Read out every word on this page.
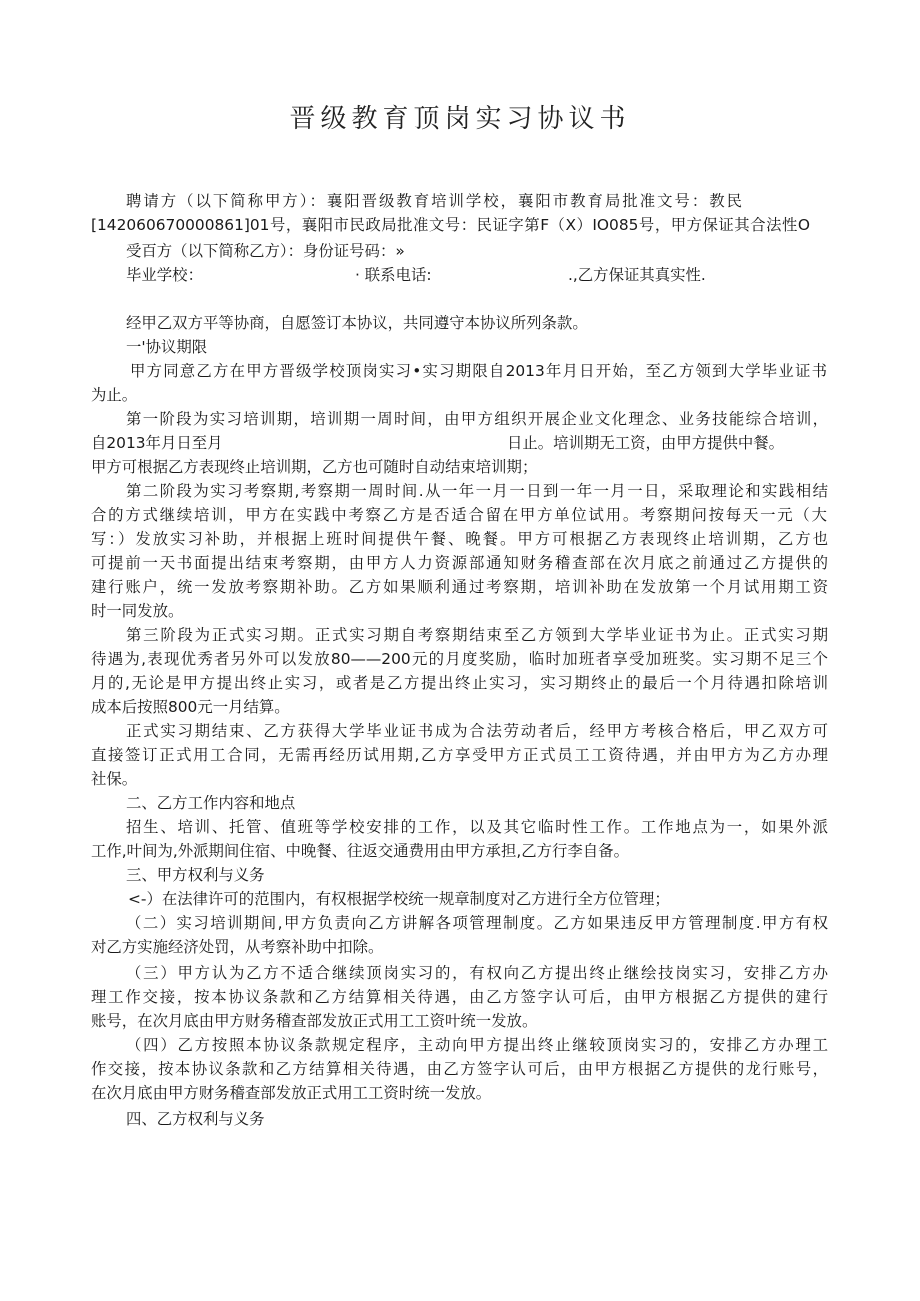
晋级教育顶岗实习协议书
聘请方（以下简称甲方）：襄阳晋级教育培训学校，襄阳市教育局批准文号：教民
[142060670000861]01号，襄阳市民政局批准文号：民证字第F（X）IO085号，甲方保证其合法性O
受百方（以下简称乙方）：身份证号码：»
毕业学校：	· 联系电话:	.,乙方保证其真实性.
经甲乙双方平等协商，自愿签订本协议，共同遵守本协议所列条款。
一'协议期限
甲方同意乙方在甲方晋级学校顶岗实习•实习期限自2013年月日开始，至乙方领到大学毕业证书
为止。
第一阶段为实习培训期，培训期一周时间，由甲方组织开展企业文化理念、业务技能综合培训，
自2013年月日至月	日止。培训期无工资，由甲方提供中餐。
甲方可根据乙方表现终止培训期，乙方也可随时自动结束培训期；
第二阶段为实习考察期,考察期一周时间.从一年一月一日到一年一月一日，采取理论和实践相结
合的方式继续培训，甲方在实践中考察乙方是否适合留在甲方单位试用。考察期问按每天一元（大
写：）发放实习补助，并根据上班时间提供午餐、晚餐。甲方可根据乙方表现终止培训期，乙方也
可提前一天书面提出结束考察期，由甲方人力资源部通知财务稽查部在次月底之前通过乙方提供的
建行账户，统一发放考察期补助。乙方如果顺利通过考察期，培训补助在发放第一个月试用期工资
时一同发放。
第三阶段为正式实习期。正式实习期自考察期结束至乙方领到大学毕业证书为止。正式实习期
待遇为,表现优秀者另外可以发放80——200元的月度奖励，临时加班者享受加班奖。实习期不足三个
月的,无论是甲方提出终止实习，或者是乙方提出终止实习，实习期终止的最后一个月待遇扣除培训
成本后按照800元一月结算。
正式实习期结束、乙方获得大学毕业证书成为合法劳动者后，经甲方考核合格后，甲乙双方可
直接签订正式用工合同，无需再经历试用期,乙方享受甲方正式员工工资待遇，并由甲方为乙方办理
社保。
二、乙方工作内容和地点
招生、培训、托管、值班等学校安排的工作，以及其它临时性工作。工作地点为一，如果外派
工作,叶间为,外派期间住宿、中晚餐、往返交通费用由甲方承担,乙方行李自备。
三、甲方权利与义务
<-）在法律许可的范围内，有权根据学校统一规章制度对乙方进行全方位管理；
（二）实习培训期间,甲方负责向乙方讲解各项管理制度。乙方如果违反甲方管理制度.甲方有权
对乙方实施经济处罚，从考察补助中扣除。
（三）甲方认为乙方不适合继续顶岗实习的，有权向乙方提出终止继绘技岗实习，安排乙方办
理工作交接，按本协议条款和乙方结算相关待遇，由乙方签字认可后，由甲方根据乙方提供的建行
账号，在次月底由甲方财务稽查部发放正式用工工资叶统一发放。
（四）乙方按照本协议条款规定程序，主动向甲方提出终止继较顶岗实习的，安排乙方办理工
作交接，按本协议条款和乙方结算相关待遇，由乙方签字认可后，由甲方根据乙方提供的龙行账号，
在次月底由甲方财务稽查部发放正式用工工资时统一发放。
四、乙方权利与义务
